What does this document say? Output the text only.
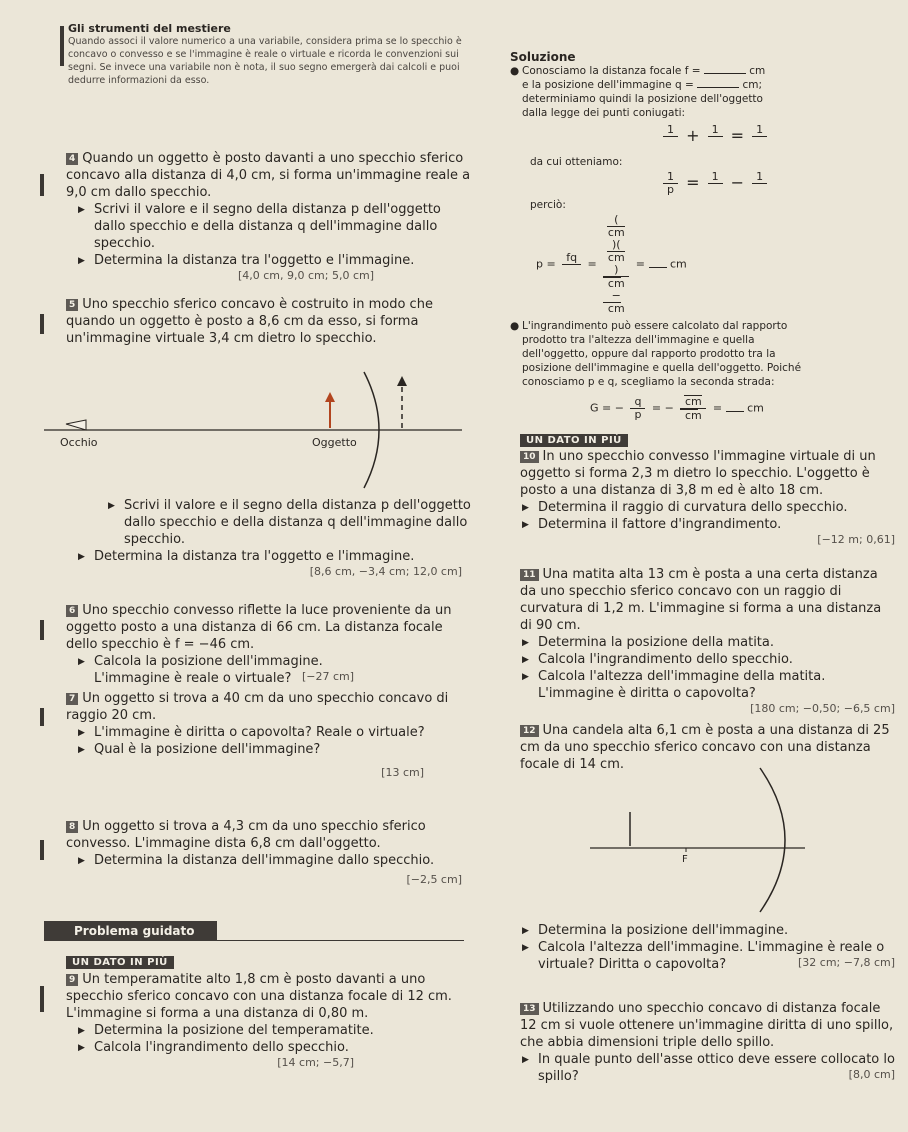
Gli strumenti del mestiere
Quando associ il valore numerico a una variabile, considera prima se lo specchio è concavo o convesso e se l'immagine è reale o virtuale e ricorda le convenzioni sui segni. Se invece una variabile non è nota, il suo segno emergerà dai calcoli e puoi dedurre informazioni da esso.
4 Quando un oggetto è posto davanti a uno specchio sferico concavo alla distanza di 4,0 cm, si forma un'immagine reale a 9,0 cm dallo specchio.
▶ Scrivi il valore e il segno della distanza p dell'oggetto dallo specchio e della distanza q dell'immagine dallo specchio.
▶ Determina la distanza tra l'oggetto e l'immagine.
[4,0 cm, 9,0 cm; 5,0 cm]
5 Uno specchio sferico concavo è costruito in modo che quando un oggetto è posto a 8,6 cm da esso, si forma un'immagine virtuale 3,4 cm dietro lo specchio.
Occhio	Oggetto
▶ Scrivi il valore e il segno della distanza p dell'oggetto dallo specchio e della distanza q dell'immagine dallo specchio.
▶ Determina la distanza tra l'oggetto e l'immagine.
[8,6 cm, −3,4 cm; 12,0 cm]
6 Uno specchio convesso riflette la luce proveniente da un oggetto posto a una distanza di 66 cm. La distanza focale dello specchio è f = −46 cm.
▶ Calcola la posizione dell'immagine. L'immagine è reale o virtuale? [−27 cm]
7 Un oggetto si trova a 40 cm da uno specchio concavo di raggio 20 cm.
▶ L'immagine è diritta o capovolta? Reale o virtuale?
▶ Qual è la posizione dell'immagine?
[13 cm]
8 Un oggetto si trova a 4,3 cm da uno specchio sferico convesso. L'immagine dista 6,8 cm dall'oggetto.
▶ Determina la distanza dell'immagine dallo specchio.
[−2,5 cm]
Problema guidato
UN DATO IN PIÙ
9 Un temperamatite alto 1,8 cm è posto davanti a uno specchio sferico concavo con una distanza focale di 12 cm. L'immagine si forma a una distanza di 0,80 m.
▶ Determina la posizione del temperamatite.
▶ Calcola l'ingrandimento dello specchio.
[14 cm; −5,7]
Soluzione
● Conosciamo la distanza focale f =	cm
e la posizione dell'immagine q =	cm;
determiniamo quindi la posizione dell'oggetto dalla legge dei punti coniugati:
1
+ 1
= 1

da cui otteniamo:
$\frac{1}{p} = 1$
− 1

perciò:
p = fq
= (
cm
)(
cm
)
cm
−
cm =  cm
● L'ingrandimento può essere calcolato dal rapporto prodotto tra l'altezza dell'immagine e quella dell'oggetto, oppure dal rapporto prodotto tra la posizione dell'immagine e quella dell'oggetto. Poiché conosciamo p e q, scegliamo la seconda strada:
G = − $\frac{q}{p}$ = − $\frac{cm}{cm}$ =  cm
UN DATO IN PIÙ
10 In uno specchio convesso l'immagine virtuale di un oggetto si forma 2,3 m dietro lo specchio. L'oggetto è posto a una distanza di 3,8 m ed è alto 18 cm.
▶ Determina il raggio di curvatura dello specchio.
▶ Determina il fattore d'ingrandimento.
[−12 m; 0,61]
11 Una matita alta 13 cm è posta a una certa distanza da uno specchio sferico concavo con un raggio di curvatura di 1,2 m. L'immagine si forma a una distanza di 90 cm.
▶ Determina la posizione della matita.
▶ Calcola l'ingrandimento dello specchio.
▶ Calcola l'altezza dell'immagine della matita. L'immagine è diritta o capovolta?
[180 cm; −0,50; −6,5 cm]
12 Una candela alta 6,1 cm è posta a una distanza di 25 cm da uno specchio sferico concavo con una distanza focale di 14 cm.
F
▶ Determina la posizione dell'immagine.
▶ Calcola l'altezza dell'immagine. L'immagine è reale o virtuale? Diritta o capovolta?	[32 cm; −7,8 cm]
13 Utilizzando uno specchio concavo di distanza focale 12 cm si vuole ottenere un'immagine diritta di uno spillo, che abbia dimensioni triple dello spillo.
▶ In quale punto dell'asse ottico deve essere collocato lo spillo?	[8,0 cm]
